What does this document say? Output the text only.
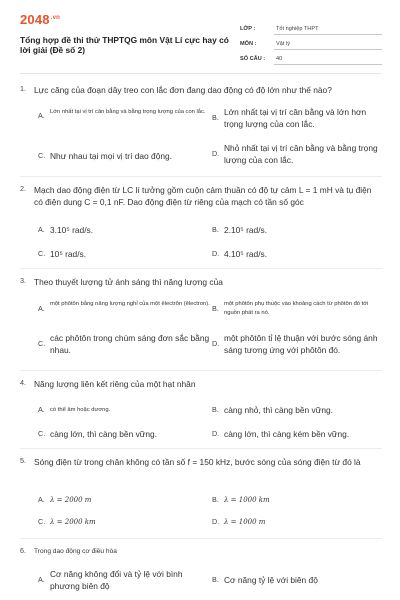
$2048^{.vn}$
Tổng hợp đề thi thử THPTQG môn Vật Lí cực hay có lời giải (Đề số 2)
LỚP :	Tốt nghiệp THPT
MÔN :	Vật lý
SỐ CÂU : 40
1. Lực căng của đoạn dây treo con lắc đơn đang dao động có độ lớn như thế nào?
A. Lớn nhất tại vị trí cân bằng và bằng trọng lượng của con lắc.
B.
Lớn nhất tại vị trí cân bằng và lớn hơn trọng lượng của con lắc.
C. Như nhau tại mọi vị trí dao động.	D.
Nhỏ nhất tại vị trí cân bằng và bằng trọng lượng của con lắc.
2. Mạch dao động điện từ LC lí tưởng gồm cuộn cảm thuần có độ tự cảm L = 1 mH và tụ điện có điện dung C = 0,1 nF. Dao động điện từ riêng của mạch có tần số góc
A. 3.10⁵ rad/s.	B. 2.10⁵ rad/s.
C. 10⁵ rad/s.	D. 4.10⁵ rad/s.
3. Theo thuyết lượng tử ánh sáng thì năng lượng của
A. một phôtôn bằng năng lượng nghỉ của một êlectrôn (êlectron). B. một phôtôn phụ thuộc vào khoảng cách từ phôtôn đó tới nguồn phát ra nó.
C.
các phôtôn trong chùm sáng đơn sắc bằng nhau.
D.
một phôtôn tỉ lệ thuận với bước sóng ánh sáng tương ứng với phôtôn đó.
4. Năng lượng liên kết riêng của một hạt nhân
A. có thể âm hoặc dương.	B. càng nhỏ, thì càng bền vững.
C. càng lớn, thì càng bền vững.	D. càng lớn, thì càng kém bền vững.
5. Sóng điện từ trong chân không có tần số f = 150 kHz, bước sóng của sóng điện từ đó là
A. λ = 2000 m	B. λ = 1000 km
C. λ = 2000 km	D. λ = 1000 m
6. Trong dao động cơ điều hòa
A.
Cơ năng không đổi và tỷ lệ với bình phương biên độ
B. Cơ năng tỷ lệ với biên độ
